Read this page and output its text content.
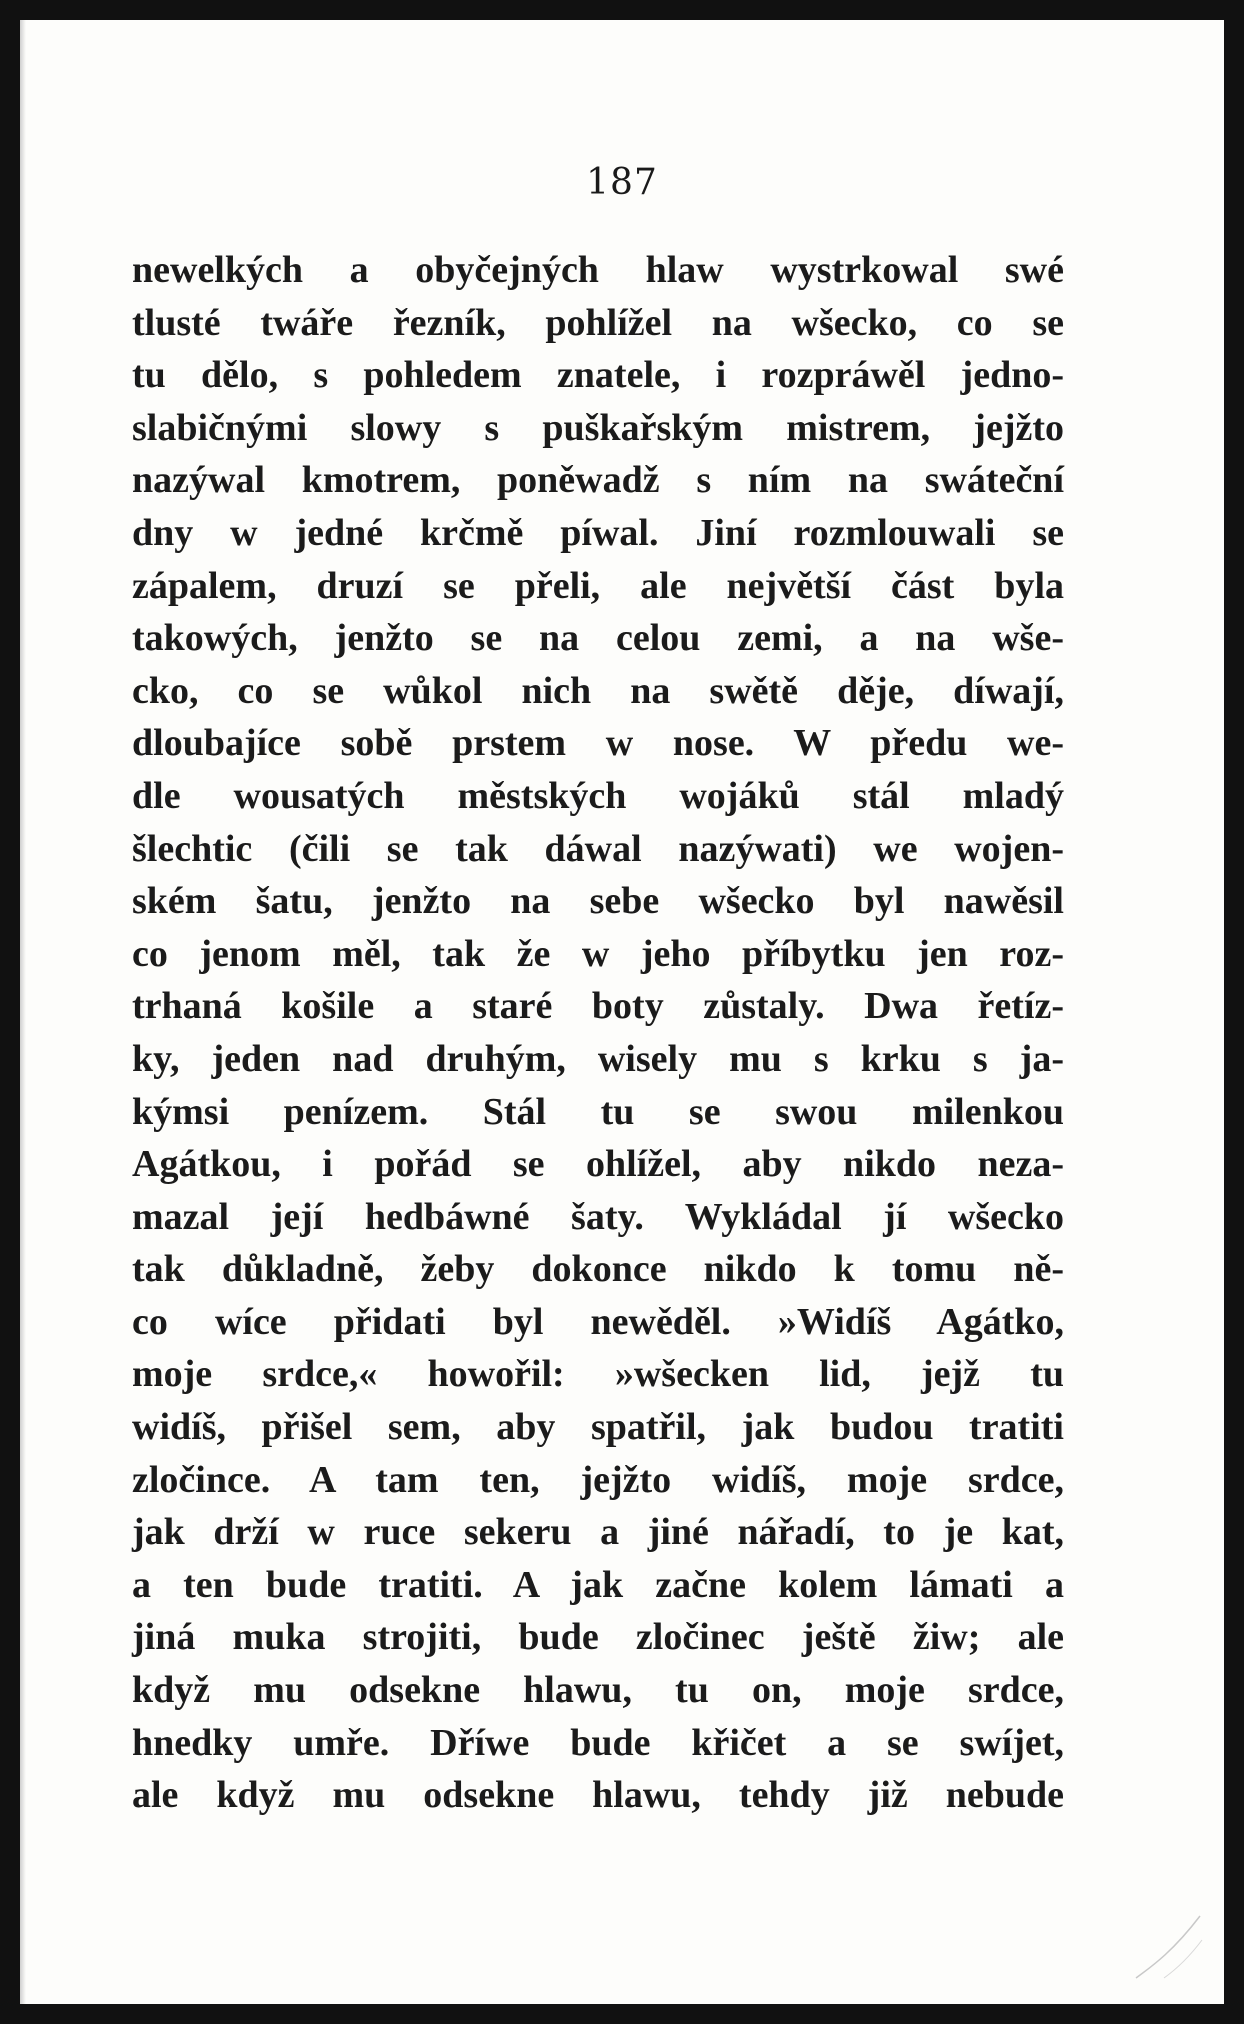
187
newelkých a obyčejných hlaw wystrkowal swé
tlusté twáře řezník, pohlížel na wšecko, co se
tu dělo, s pohledem znatele, i rozpráwěl jedno-
slabičnými slowy s puškařským mistrem, jejžto
nazýwal kmotrem, poněwadž s ním na swáteční
dny w jedné krčmě píwal. Jiní rozmlouwali se
zápalem, druzí se přeli, ale největší část byla
takowých, jenžto se na celou zemi, a na wše-
cko, co se wůkol nich na swětě děje, díwají,
dloubajíce sobě prstem w nose. W předu we-
dle wousatých městských wojáků stál mladý
šlechtic (čili se tak dáwal nazýwati) we wojen-
ském šatu, jenžto na sebe wšecko byl nawěsil
co jenom měl, tak že w jeho příbytku jen roz-
trhaná košile a staré boty zůstaly. Dwa řetíz-
ky, jeden nad druhým, wisely mu s krku s ja-
kýmsi penízem. Stál tu se swou milenkou
Agátkou, i pořád se ohlížel, aby nikdo neza-
mazal její hedbáwné šaty. Wykládal jí wšecko
tak důkladně, žeby dokonce nikdo k tomu ně-
co wíce přidati byl newěděl. »Widíš Agátko,
moje srdce,« howořil: »wšecken lid, jejž tu
widíš, přišel sem, aby spatřil, jak budou tratiti
zločince. A tam ten, jejžto widíš, moje srdce,
jak drží w ruce sekeru a jiné nářadí, to je kat,
a ten bude tratiti. A jak začne kolem lámati a
jiná muka strojiti, bude zločinec ještě žiw; ale
když mu odsekne hlawu, tu on, moje srdce,
hnedky umře. Dříwe bude křičet a se swíjet,
ale když mu odsekne hlawu, tehdy již nebude
